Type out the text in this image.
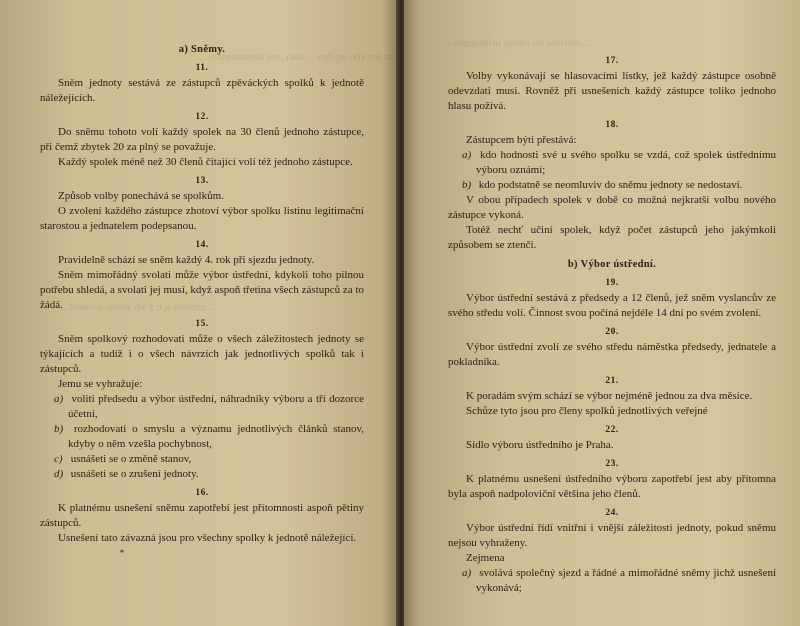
…o napomenutí jest, rádu… vstří po celý rok ne-
…hlasoval spolek dle § 9 je povinen…
a) Sněmy.
11.

Sněm jednoty sestává ze zástupců zpěváckých spolků k jednotě náležejících.

12.

Do sněmu tohoto volí každý spolek na 30 členů jednoho zástupce, při čemž zbytek 20 za plný se považuje.

Každý spolek méně než 30 členů čítající volí též jednoho zástupce.

13.

Způsob volby ponechává se spolkům.

O zvolení každého zástupce zhotoví výbor spolku listinu legitimační starostou a jednatelem podepsanou.

14.

Pravidelně schází se sněm každý 4. rok při sjezdu jednoty.

Sněm mimořádný svolati může výbor ústřední, kdykoli toho pilnou potřebu shledá, a svolati jej musí, když aspoň třetina všech zástupců za to žádá.

15.

Sněm spolkový rozhodovati může o všech záležitostech jednoty se týkajících a tudíž i o všech návrzích jak jednotlivých spolků tak i zástupců.

Jemu se vyhražuje:

a) voliti předsedu a výbor ústřední, náhradníky výboru a tři dozorce účetní,

b) rozhodovati o smyslu a významu jednotlivých článků stanov, kdyby o něm vzešla pochybnost,

c) usnášeti se o změně stanov,

d) usnášeti se o zrušení jednoty.

16.

K platnému usnešení sněmu zapotřebí jest přítomnosti aspoň pětiny zástupců.

Usnešení tato závazná jsou pro všechny spolky k jednotě náležející.

*
…rozpouštění spolku dle pravidel…
17.

Volby vykonávají se hlasovacími lístky, jež každý zástupce osobně odevzdati musí. Rovněž při usnešeních každý zástupce toliko jednoho hlasu požívá.

18.

Zástupcem býti přestává:

a) kdo hodnosti své u svého spolku se vzdá, což spolek ústřednímu výboru oznámí;

b) kdo podstatně se neomluviv do sněmu jednoty se nedostaví.

V obou případech spolek v době co možná nejkratší volbu nového zástupce vykoná.

Totéž nechť učiní spolek, když počet zástupců jeho jakýmkoli způsobem se ztenčí.

b) Výbor ústřední.
19.

Výbor ústřední sestává z předsedy a 12 členů, jež sněm vyslancův ze svého středu volí. Činnost svou počíná nejdéle 14 dní po svém zvolení.

20.

Výbor ústřední zvolí ze svého středu náměstka předsedy, jednatele a pokladníka.

21.

K poradám svým schází se výbor nejméně jednou za dva měsíce.

Schůze tyto jsou pro členy spolků jednotlivých veřejné

22.

Sídlo výboru ústředního je Praha.

23.

K platnému usnešení ústředního výboru zapotřebí jest aby přítomna byla aspoň nadpoloviční většina jeho členů.

24.

Výbor ústřední řídí vnitřní i vnější záležitosti jednoty, pokud sněmu nejsou vyhraženy.

Zejmena

a) svolává společný sjezd a řádné a mimořádné sněmy jichž usnešení vykonává;
